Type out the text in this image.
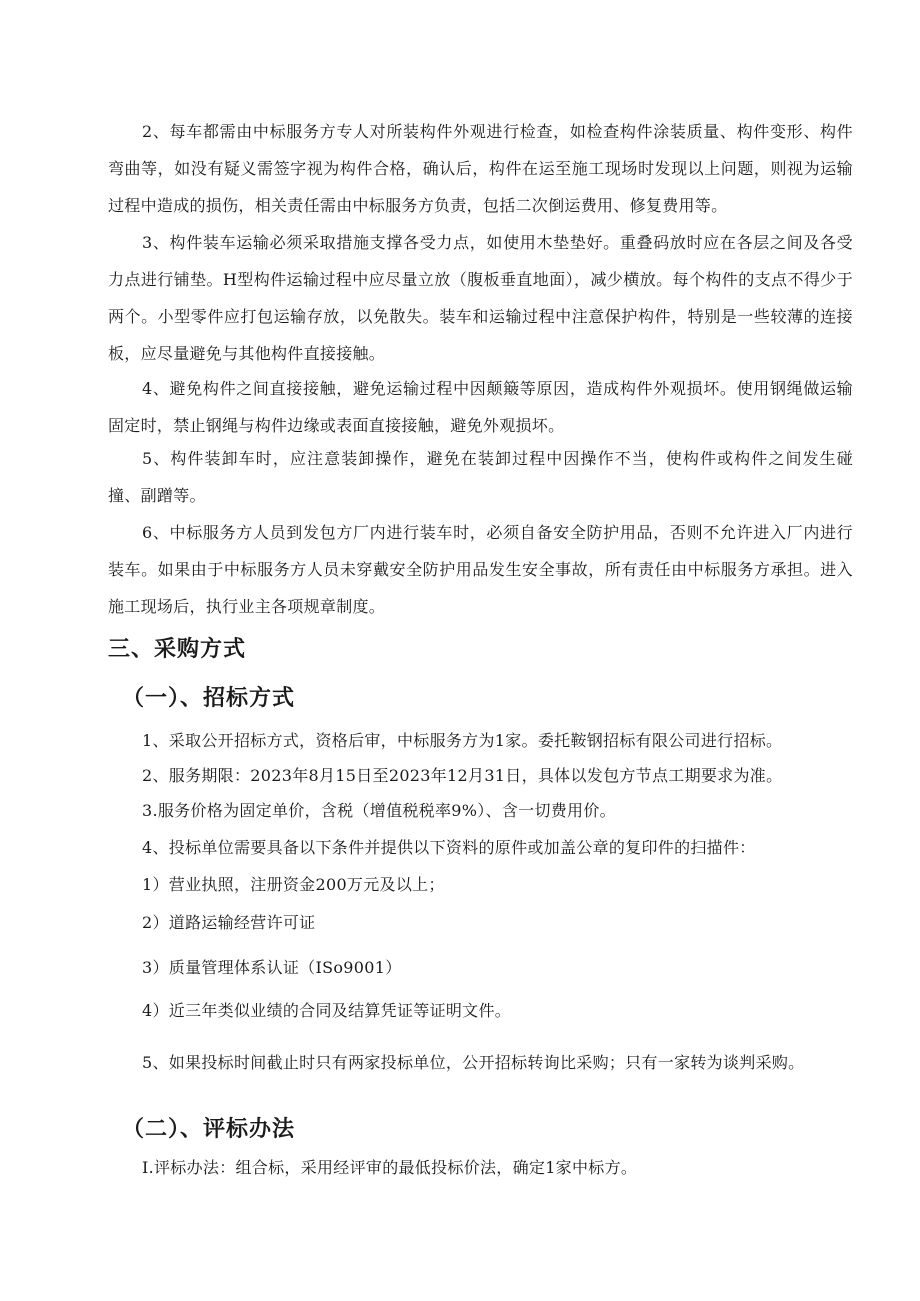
2、每车都需由中标服务方专人对所装构件外观进行检查，如检查构件涂装质量、构件变形、构件弯曲等，如没有疑义需签字视为构件合格，确认后，构件在运至施工现场时发现以上问题，则视为运输过程中造成的损伤，相关责任需由中标服务方负责，包括二次倒运费用、修复费用等。

3、构件装车运输必须采取措施支撑各受力点，如使用木垫垫好。重叠码放时应在各层之间及各受力点进行铺垫。H型构件运输过程中应尽量立放（腹板垂直地面），减少横放。每个构件的支点不得少于两个。小型零件应打包运输存放，以免散失。装车和运输过程中注意保护构件，特别是一些较薄的连接板，应尽量避免与其他构件直接接触。

4、避免构件之间直接接触，避免运输过程中因颠簸等原因，造成构件外观损坏。使用钢绳做运输固定时，禁止钢绳与构件边缘或表面直接接触，避免外观损坏。

5、构件装卸车时，应注意装卸操作，避免在装卸过程中因操作不当，使构件或构件之间发生碰撞、副蹭等。

6、中标服务方人员到发包方厂内进行装车时，必须自备安全防护用品，否则不允许进入厂内进行装车。如果由于中标服务方人员未穿戴安全防护用品发生安全事故，所有责任由中标服务方承担。进入施工现场后，执行业主各项规章制度。

三、采购方式
（一）、招标方式

1、采取公开招标方式，资格后审，中标服务方为1家。委托鞍钢招标有限公司进行招标。

2、服务期限：2023年8月15日至2023年12月31日，具体以发包方节点工期要求为准。

3.服务价格为固定单价，含税（增值税税率9%）、含一切费用价。

4、投标单位需要具备以下条件并提供以下资料的原件或加盖公章的复印件的扫描件：

1）营业执照，注册资金200万元及以上；

2）道路运输经营许可证

3）质量管理体系认证（ISo9001）

4）近三年类似业绩的合同及结算凭证等证明文件。

5、如果投标时间截止时只有两家投标单位，公开招标转询比采购；只有一家转为谈判采购。

（二）、评标办法

I.评标办法：组合标，采用经评审的最低投标价法，确定1家中标方。
